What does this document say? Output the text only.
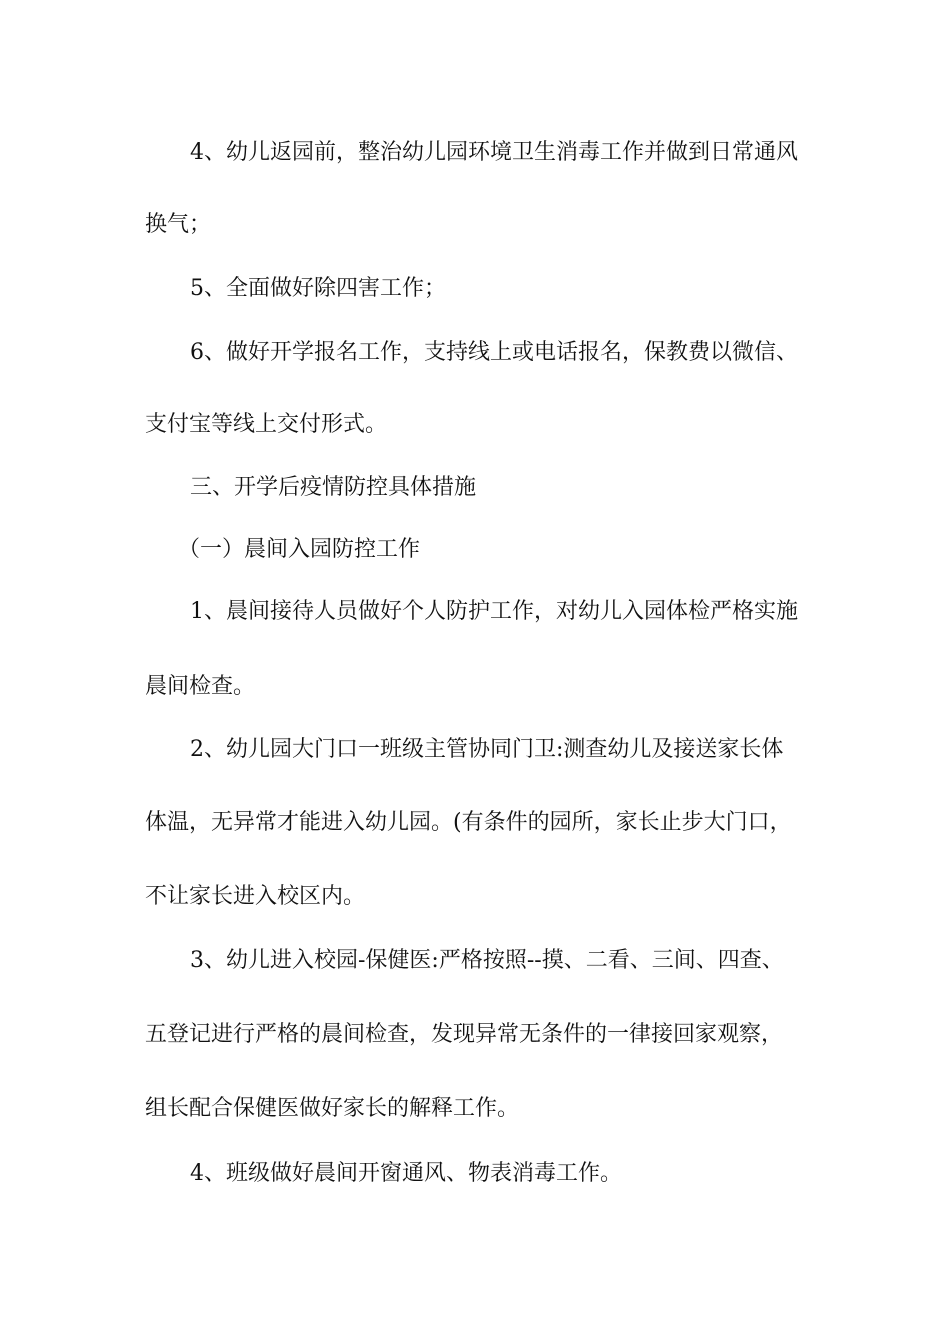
4、幼儿返园前，整治幼儿园环境卫生消毒工作并做到日常通风
换气；
5、全面做好除四害工作；
6、做好开学报名工作，支持线上或电话报名，保教费以微信、
支付宝等线上交付形式。
三、开学后疫情防控具体措施
（一）晨间入园防控工作
1、晨间接待人员做好个人防护工作，对幼儿入园体检严格实施
晨间检查。
2、幼儿园大门口一班级主管协同门卫:测查幼儿及接送家长体
体温，无异常才能进入幼儿园。(有条件的园所，家长止步大门口，
不让家长进入校区内。
3、幼儿进入校园-保健医:严格按照--摸、二看、三间、四查、
五登记进行严格的晨间检查，发现异常无条件的一律接回家观察，
组长配合保健医做好家长的解释工作。
4、班级做好晨间开窗通风、物表消毒工作。
